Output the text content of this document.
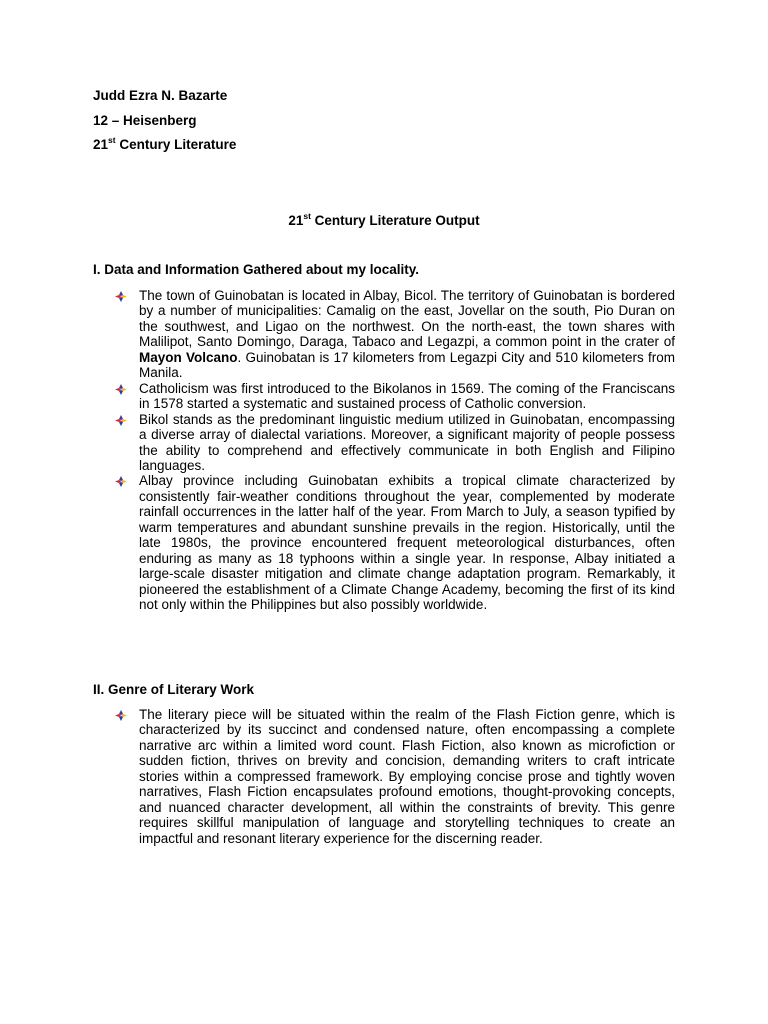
Judd Ezra N. Bazarte
12 – Heisenberg
21st Century Literature
21st Century Literature Output
I. Data and Information Gathered about my locality.
The town of Guinobatan is located in Albay, Bicol. The territory of Guinobatan is bordered by a number of municipalities: Camalig on the east, Jovellar on the south, Pio Duran on the southwest, and Ligao on the northwest. On the north-east, the town shares with Malilipot, Santo Domingo, Daraga, Tabaco and Legazpi, a common point in the crater of Mayon Volcano. Guinobatan is 17 kilometers from Legazpi City and 510 kilometers from Manila.
Catholicism was first introduced to the Bikolanos in 1569. The coming of the Franciscans in 1578 started a systematic and sustained process of Catholic conversion.
Bikol stands as the predominant linguistic medium utilized in Guinobatan, encompassing a diverse array of dialectal variations. Moreover, a significant majority of people possess the ability to comprehend and effectively communicate in both English and Filipino languages.
Albay province including Guinobatan exhibits a tropical climate characterized by consistently fair-weather conditions throughout the year, complemented by moderate rainfall occurrences in the latter half of the year. From March to July, a season typified by warm temperatures and abundant sunshine prevails in the region. Historically, until the late 1980s, the province encountered frequent meteorological disturbances, often enduring as many as 18 typhoons within a single year. In response, Albay initiated a large-scale disaster mitigation and climate change adaptation program. Remarkably, it pioneered the establishment of a Climate Change Academy, becoming the first of its kind not only within the Philippines but also possibly worldwide.
II. Genre of Literary Work
The literary piece will be situated within the realm of the Flash Fiction genre, which is characterized by its succinct and condensed nature, often encompassing a complete narrative arc within a limited word count. Flash Fiction, also known as microfiction or sudden fiction, thrives on brevity and concision, demanding writers to craft intricate stories within a compressed framework. By employing concise prose and tightly woven narratives, Flash Fiction encapsulates profound emotions, thought-provoking concepts, and nuanced character development, all within the constraints of brevity. This genre requires skillful manipulation of language and storytelling techniques to create an impactful and resonant literary experience for the discerning reader.
